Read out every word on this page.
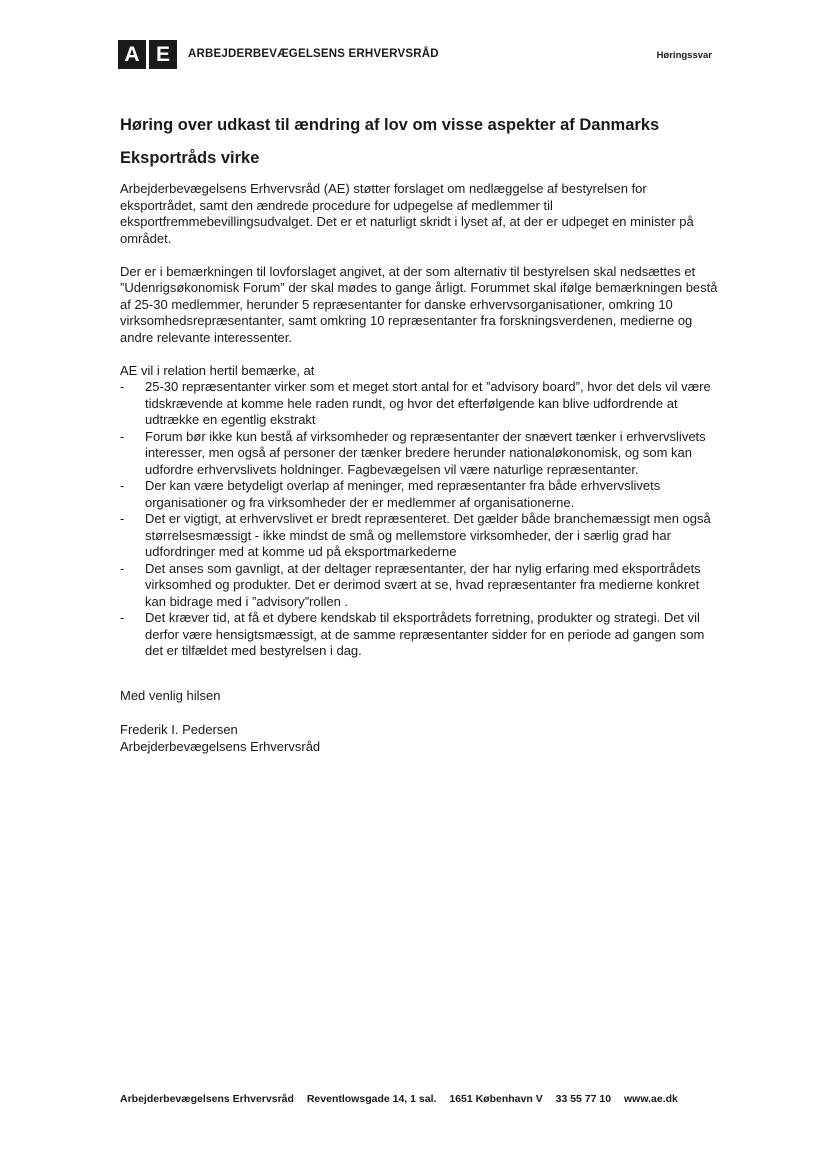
A E	ARBEJDERBEVÆGELSENS ERHVERVSRÅD	Høringssvar
Høring over udkast til ændring af lov om visse aspekter af Danmarks Eksportråds virke

Arbejderbevægelsens Erhvervsråd (AE) støtter forslaget om nedlæggelse af bestyrelsen for eksportrådet, samt den ændrede procedure for udpegelse af medlemmer til eksportfremmebevillingsudvalget. Det er et naturligt skridt i lyset af, at der er udpeget en minister på området.

Der er i bemærkningen til lovforslaget angivet, at der som alternativ til bestyrelsen skal nedsættes et ”Udenrigsøkonomisk Forum” der skal mødes to gange årligt. Forummet skal ifølge bemærkningen bestå af 25-30 medlemmer, herunder 5 repræsentanter for danske erhvervsorganisationer, omkring 10 virksomhedsrepræsentanter, samt omkring 10 repræsentanter fra forskningsverdenen, medierne og andre relevante interessenter.

AE vil i relation hertil bemærke, at

- 25-30 repræsentanter virker som et meget stort antal for et ”advisory board”, hvor det dels vil være tidskrævende at komme hele raden rundt, og hvor det efterfølgende kan blive udfordrende at udtrække en egentlig ekstrakt
- Forum bør ikke kun bestå af virksomheder og repræsentanter der snævert tænker i erhvervslivets interesser, men også af personer der tænker bredere herunder nationaløkonomisk, og som kan udfordre erhvervslivets holdninger. Fagbevægelsen vil være naturlige repræsentanter.
- Der kan være betydeligt overlap af meninger, med repræsentanter fra både erhvervslivets organisationer og fra virksomheder der er medlemmer af organisationerne.
- Det er vigtigt, at erhvervslivet er bredt repræsenteret. Det gælder både branchemæssigt men også størrelsesmæssigt - ikke mindst de små og mellemstore virksomheder, der i særlig grad har udfordringer med at komme ud på eksportmarkederne
- Det anses som gavnligt, at der deltager repræsentanter, der har nylig erfaring med eksportrådets virksomhed og produkter. Det er derimod svært at se, hvad repræsentanter fra medierne konkret kan bidrage med i ”advisory”rollen .
- Det kræver tid, at få et dybere kendskab til eksportrådets forretning, produkter og strategi. Det vil derfor være hensigtsmæssigt, at de samme repræsentanter sidder for en periode ad gangen som det er tilfældet med bestyrelsen i dag.
Med venlig hilsen
Frederik I. Pedersen
Arbejderbevægelsens Erhvervsråd
Arbejderbevægelsens Erhvervsråd Reventlowsgade 14, 1 sal. 1651 København V 33 55 77 10 www.ae.dk
